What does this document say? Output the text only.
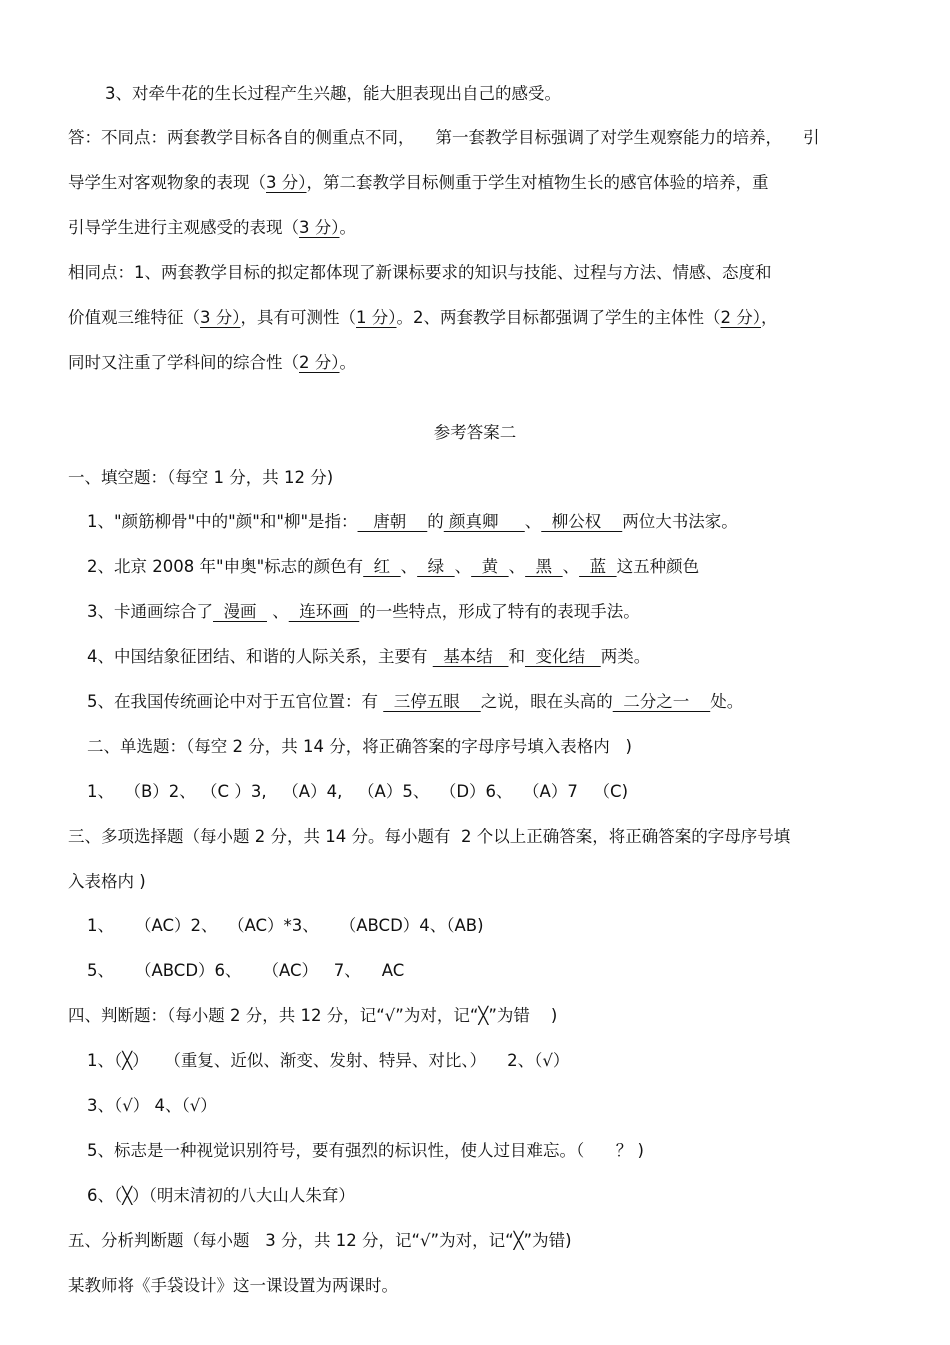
3、对牵牛花的生长过程产生兴趣，能大胆表现出自己的感受。
答：不同点：两套教学目标各自的侧重点不同，    第一套教学目标强调了对学生观察能力的培养，    引
导学生对客观物象的表现（3 分），第二套教学目标侧重于学生对植物生长的感官体验的培养，重
引导学生进行主观感受的表现（3 分）。
相同点：1、两套教学目标的拟定都体现了新课标要求的知识与技能、过程与方法、情感、态度和
价值观三维特征（3 分），具有可测性（1 分）。2、两套教学目标都强调了学生的主体性（2 分），
同时又注重了学科间的综合性（2 分）。
参考答案二
一、填空题：（每空 1 分，共 12 分)
1、"颜筋柳骨"中的"颜"和"柳"是指：   唐朝    的 颜真卿     、  柳公权    两位大书法家。
2、北京 2008 年"申奥"标志的颜色有  红  、  绿  、  黄  、  黑  、  蓝  这五种颜色
3、卡通画综合了  漫画   、  连环画  的一些特点，形成了特有的表现手法。
4、中国结象征团结、和谐的人际关系，主要有   基本结   和  变化结   两类。
5、在我国传统画论中对于五官位置：有   三停五眼    之说，眼在头高的  二分之一    处。
二、单选题：（每空 2 分，共 14 分，将正确答案的字母序号填入表格内   )
1、  （B）2、 （C ）3,   （A）4,   （A）5、  （D）6、  （A）7   （C)
三、多项选择题（每小题 2 分，共 14 分。每小题有  2 个以上正确答案，将正确答案的字母序号填
入表格内 )
1、    （AC）2、  （AC）*3、    （ABCD）4、（AB)
5、    （ABCD）6、    （AC）   7、    AC
四、判断题：（每小题 2 分，共 12 分，记“√”为对，记“╳”为错    )
1、（╳）   （重复、近似、渐变、发射、特异、对比、）    2、（√）
3、（√） 4、（√）
5、标志是一种视觉识别符号，要有强烈的标识性，使人过目难忘。（      ？ )
6、（╳）（明末清初的八大山人朱耷）
五、分析判断题（每小题   3 分，共 12 分，记“√”为对，记“╳”为错)
某教师将《手袋设计》这一课设置为两课时。
